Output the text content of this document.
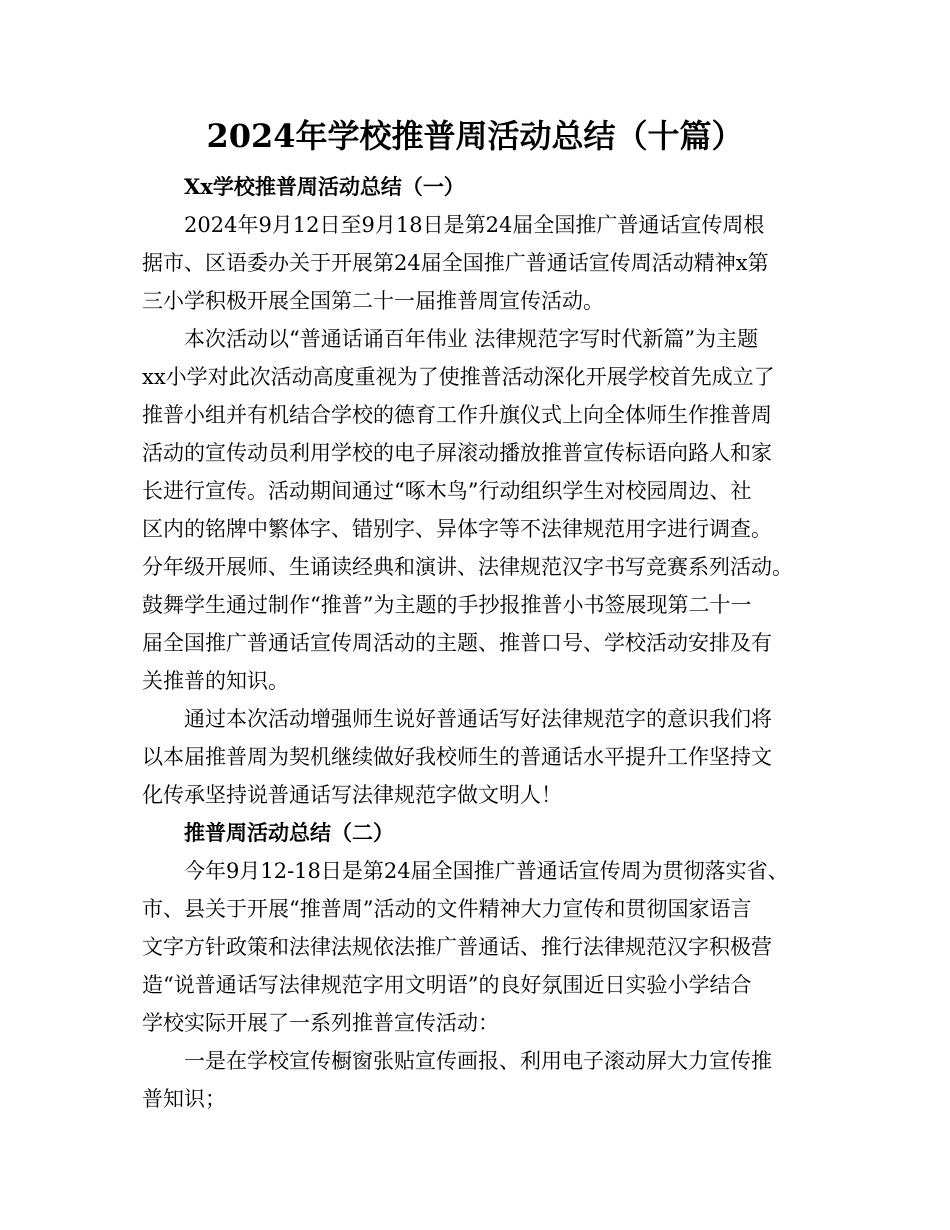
2024年学校推普周活动总结（十篇）
Xx学校推普周活动总结（一）
2024年9月12日至9月18日是第24届全国推广普通话宣传周根
据市、区语委办关于开展第24届全国推广普通话宣传周活动精神x第
三小学积极开展全国第二十一届推普周宣传活动。
本次活动以“普通话诵百年伟业 法律规范字写时代新篇”为主题
xx小学对此次活动高度重视为了使推普活动深化开展学校首先成立了
推普小组并有机结合学校的德育工作升旗仪式上向全体师生作推普周
活动的宣传动员利用学校的电子屏滚动播放推普宣传标语向路人和家
长进行宣传。活动期间通过“啄木鸟”行动组织学生对校园周边、社
区内的铭牌中繁体字、错别字、异体字等不法律规范用字进行调查。
分年级开展师、生诵读经典和演讲、法律规范汉字书写竞赛系列活动。
鼓舞学生通过制作“推普”为主题的手抄报推普小书签展现第二十一
届全国推广普通话宣传周活动的主题、推普口号、学校活动安排及有
关推普的知识。
通过本次活动增强师生说好普通话写好法律规范字的意识我们将
以本届推普周为契机继续做好我校师生的普通话水平提升工作坚持文
化传承坚持说普通话写法律规范字做文明人！
推普周活动总结（二）
今年9月12-18日是第24届全国推广普通话宣传周为贯彻落实省、
市、县关于开展“推普周”活动的文件精神大力宣传和贯彻国家语言
文字方针政策和法律法规依法推广普通话、推行法律规范汉字积极营
造“说普通话写法律规范字用文明语”的良好氛围近日实验小学结合
学校实际开展了一系列推普宣传活动：
一是在学校宣传橱窗张贴宣传画报、利用电子滚动屏大力宣传推
普知识；
